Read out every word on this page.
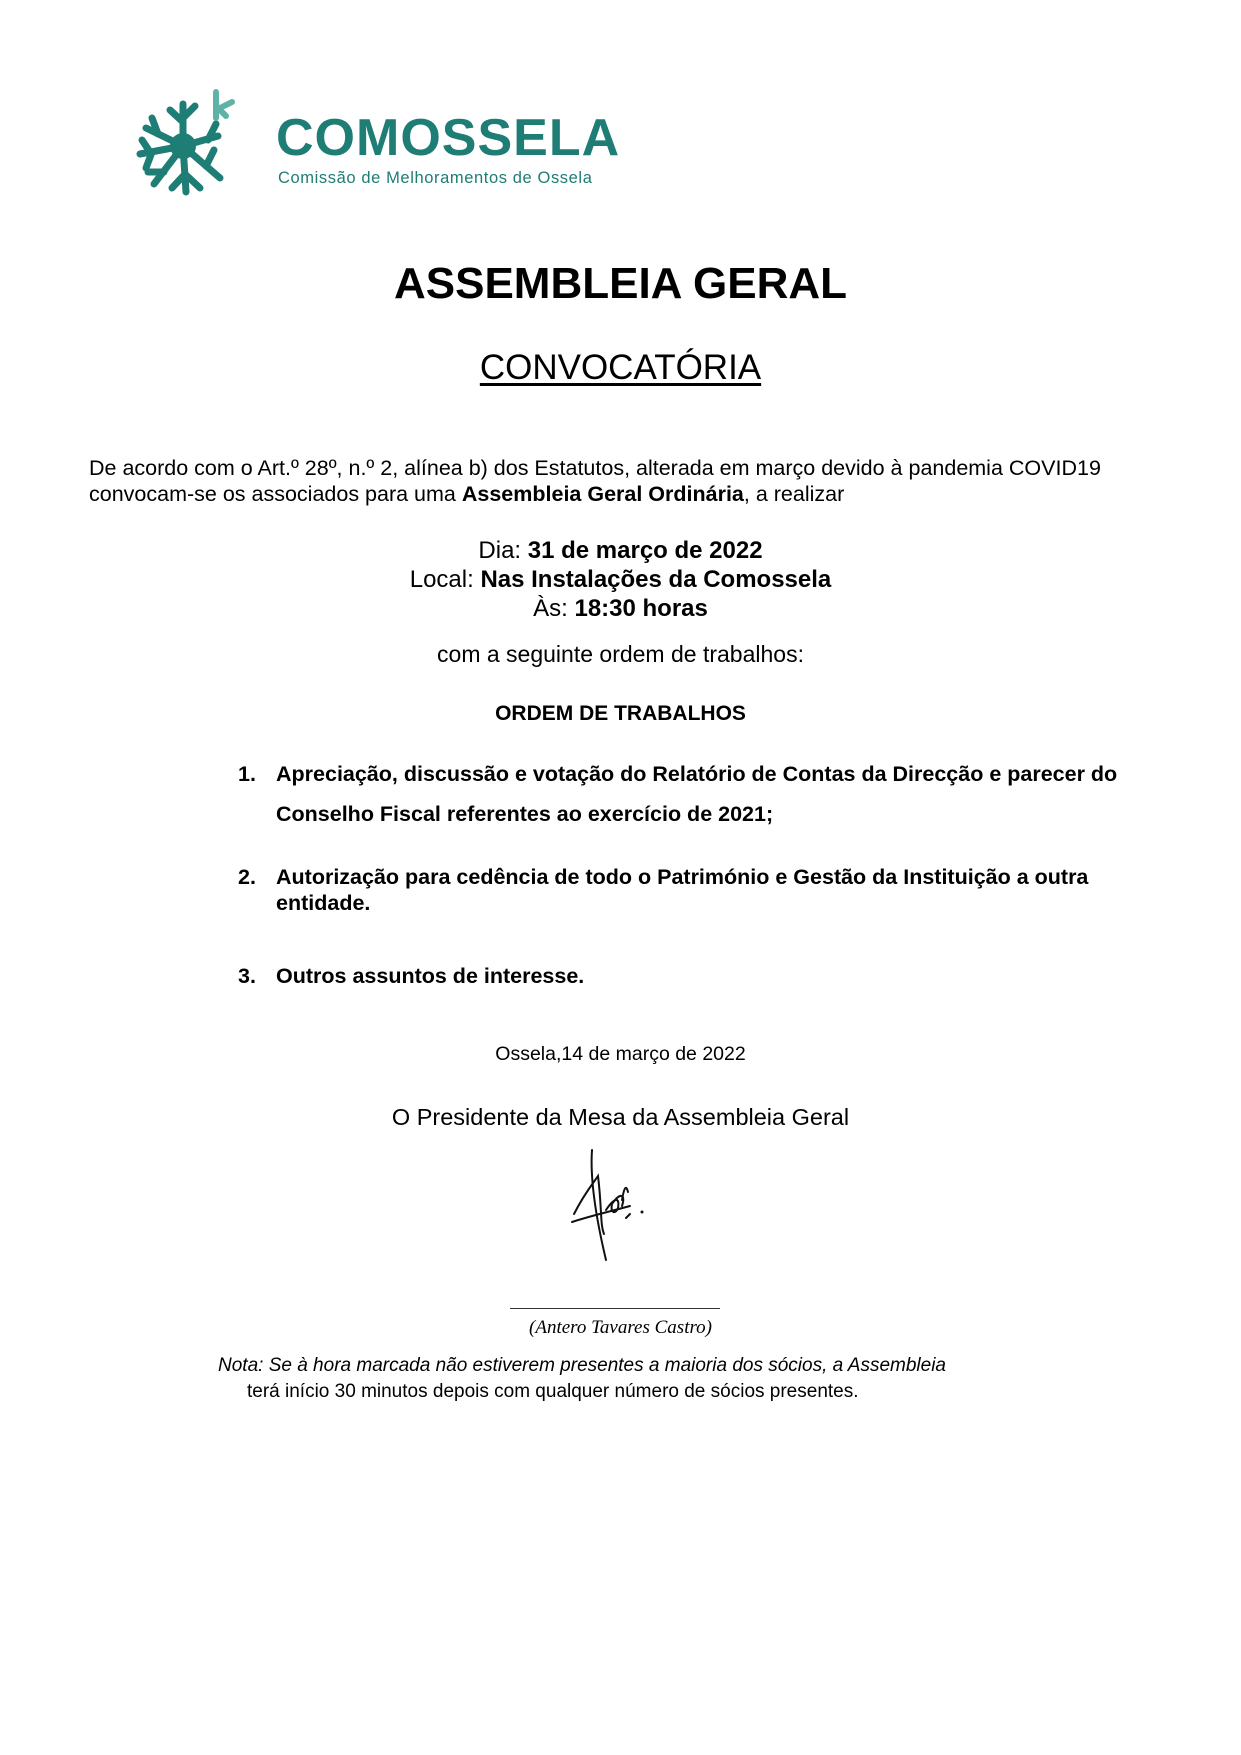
COMOSSELA
Comissão de Melhoramentos de Ossela
ASSEMBLEIA GERAL
CONVOCATÓRIA
De acordo com o Art.º 28º, n.º 2, alínea b) dos Estatutos, alterada em março devido à pandemia COVID19 convocam-se os associados para uma Assembleia Geral Ordinária, a realizar
Dia: 31 de março de 2022
Local: Nas Instalações da Comossela
Às: 18:30 horas
com a seguinte ordem de trabalhos:
ORDEM DE TRABALHOS
1. Apreciação, discussão e votação do Relatório de Contas da Direcção e parecer do Conselho Fiscal referentes ao exercício de 2021;
2. Autorização para cedência de todo o Património e Gestão da Instituição a outra entidade.
3. Outros assuntos de interesse.
Ossela,14 de março de 2022
O Presidente da Mesa da Assembleia Geral
(Antero Tavares Castro)
Nota: Se à hora marcada não estiverem presentes a maioria dos sócios, a Assembleia
terá início 30 minutos depois com qualquer número de sócios presentes.
